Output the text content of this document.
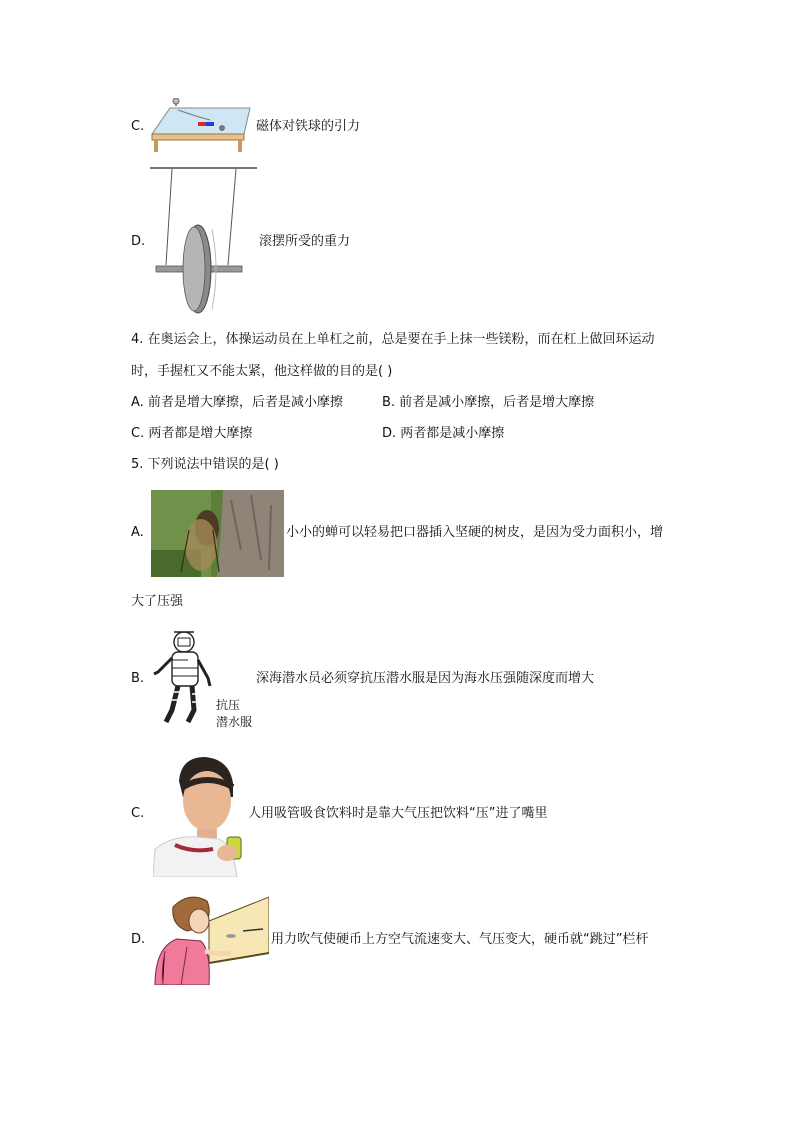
C.	磁体对铁球的引力
D.	滚摆所受的重力
4. 在奥运会上，体操运动员在上单杠之前，总是要在手上抹一些镁粉，而在杠上做回环运动
时，手握杠又不能太紧，他这样做的目的是( )
A. 前者是增大摩擦，后者是减小摩擦	B. 前者是减小摩擦，后者是增大摩擦
C. 两者都是增大摩擦	D. 两者都是减小摩擦
5. 下列说法中错误的是( )
A.	小小的蝉可以轻易把口器插入坚硬的树皮，是因为受力面积小，增
大了压强
B.
抗压
潜水服
深海潜水员必须穿抗压潜水服是因为海水压强随深度而增大
C.	人用吸管吸食饮料时是靠大气压把饮料“压”进了嘴里
D.	用力吹气使硬币上方空气流速变大、气压变大，硬币就“跳过”栏杆
